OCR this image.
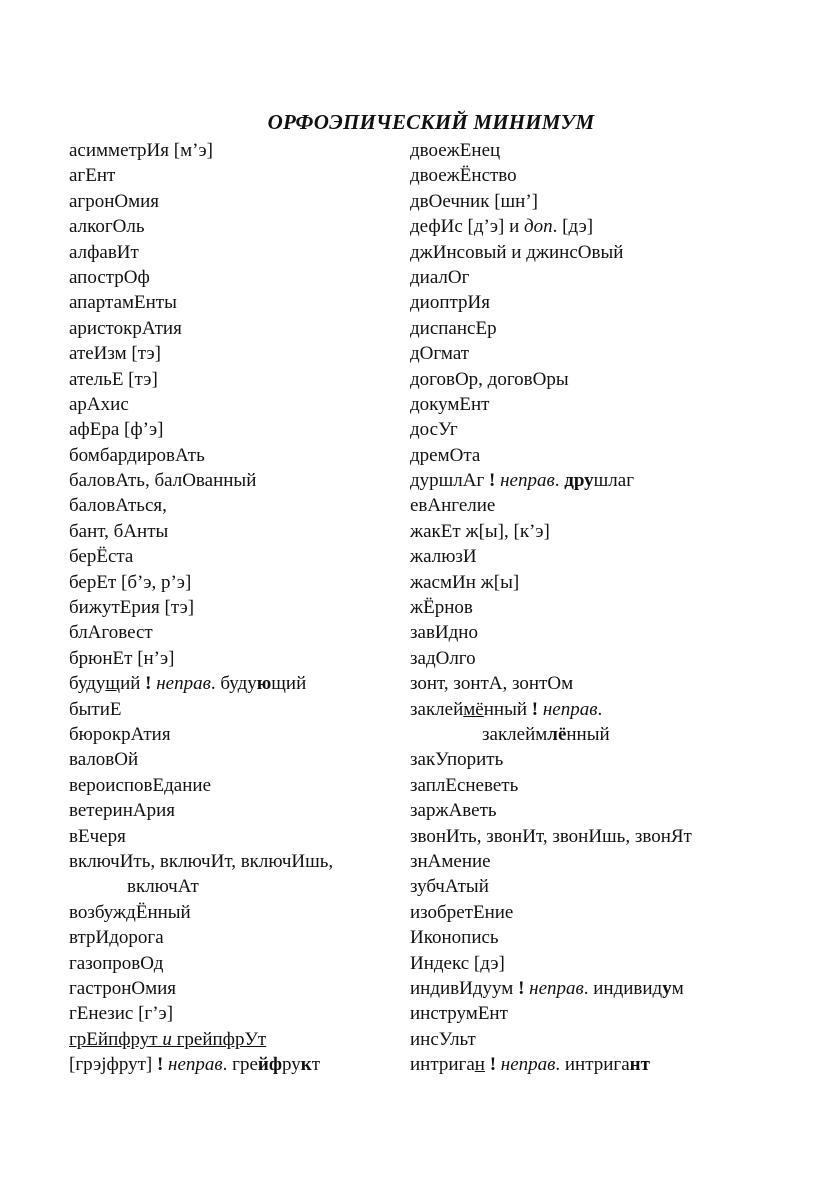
ОРФОЭПИЧЕСКИЙ МИНИМУМ
асимметрИя [м’э]
агЕнт
агронОмия
алкогОль
алфавИт
апострОф
апартамЕнты
аристокрАтия
атеИзм [тэ]
ательЕ [тэ]
арАхис
афЕра [ф’э]
бомбардировАть
баловАть, балОванный
баловАться,
бант, бАнты
берЁста
берЕт [б’э, р’э]
бижутЕрия [тэ]
блАговест
брюнЕт [н’э]
будущий ! неправ. будующий
бытиЕ
бюрокрАтия
валовОй
вероисповЕдание
ветеринАрия
вЕчеря
включИть, включИт, включИшь,
включАт
возбуждЁнный
втрИдорога
газопровОд
гастронОмия
гЕнезис [г’э]
грЕйпфрут и грейпфрУт
[грэјфрут] ! неправ. грейфрукт
двоежЕнец
двоежЁнство
двОечник [шн’]
дефИс [д’э] и доп. [дэ]
джИнсовый и джинсОвый
диалОг
диоптрИя
диспансЕр
дОгмат
договОр, договОры
докумЕнт
досУг
дремОта
дуршлАг ! неправ. друшлаг
евАнгелие
жакЕт ж[ы], [к’э]
жалюзИ
жасмИн ж[ы]
жЁрнов
завИдно
задОлго
зонт, зонтА, зонтОм
заклеймённый ! неправ.
заклеймлённый
закУпорить
заплЕсневеть
заржАветь
звонИть, звонИт, звонИшь, звонЯт
знАмение
зубчАтый
изобретЕние
Иконопись
Индекс [дэ]
индивИдуум ! неправ. индивидум
инструмЕнт
инсУльт
интриган ! неправ. интригант
